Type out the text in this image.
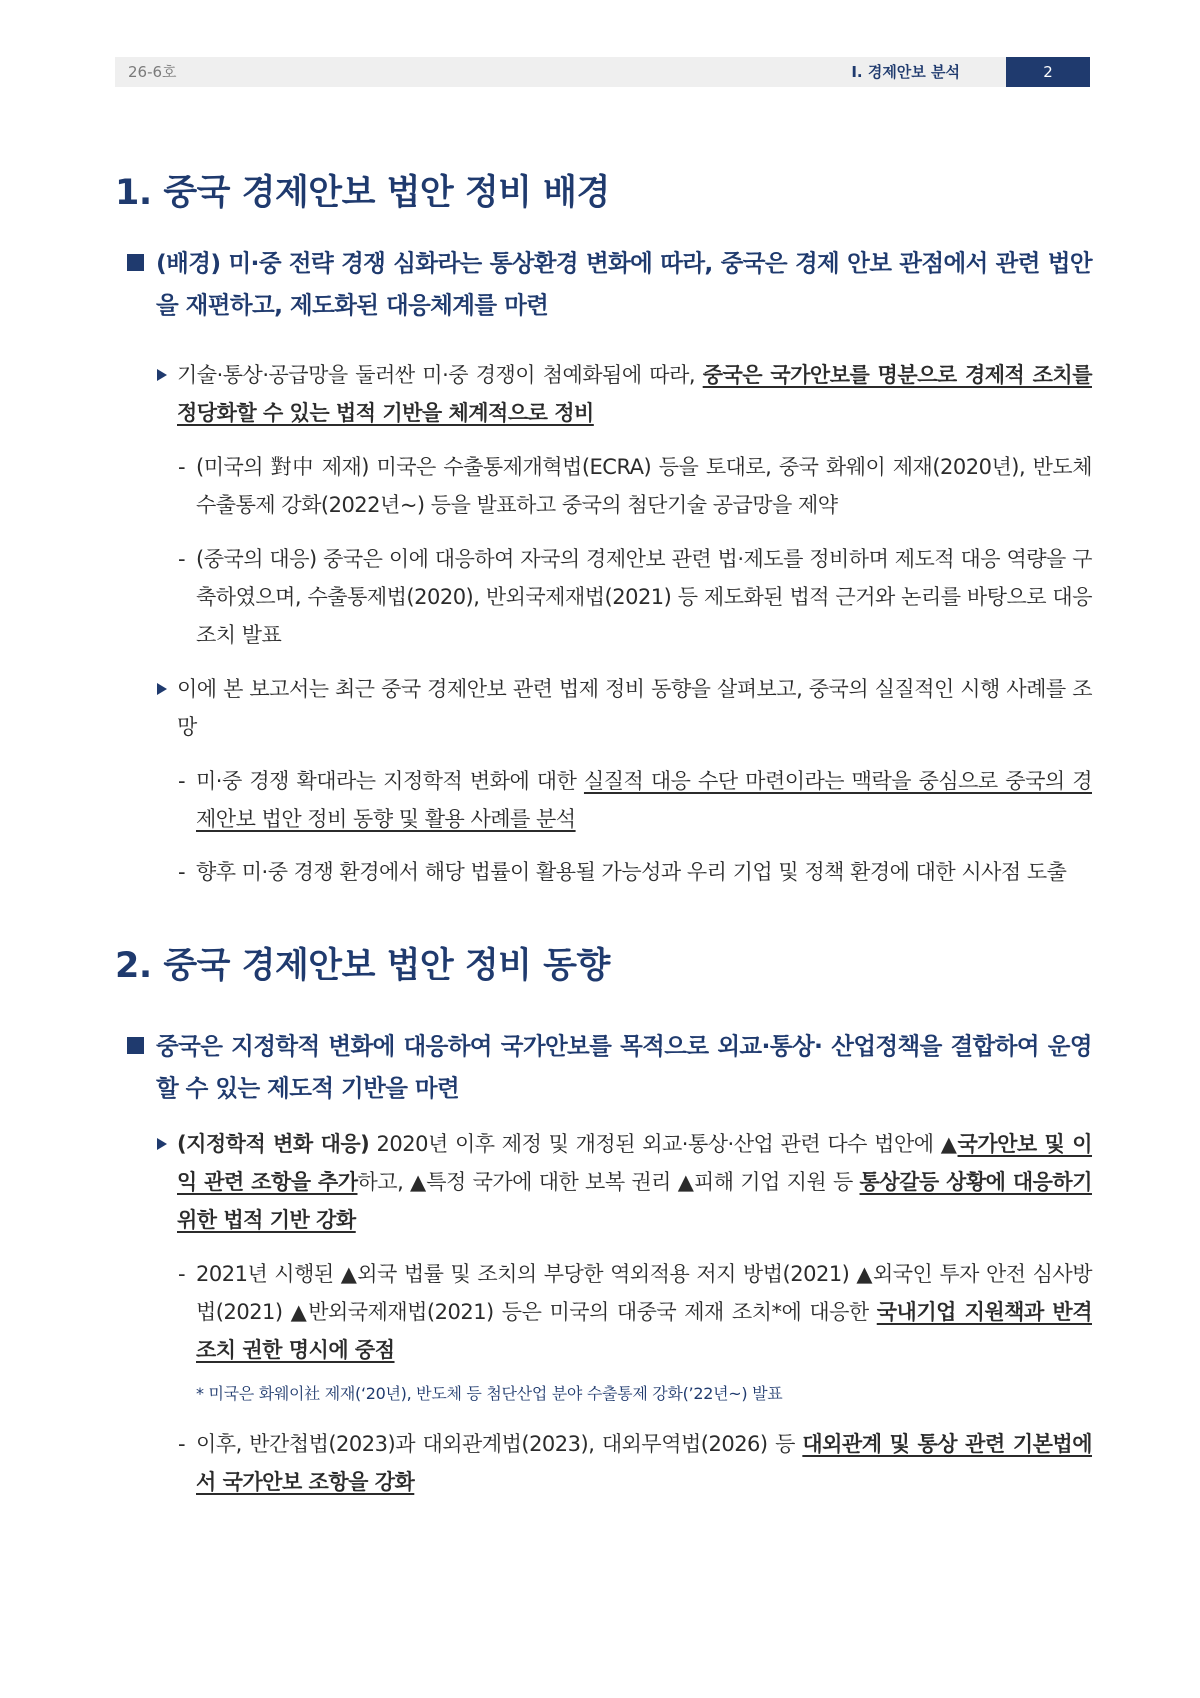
26-6호	Ⅰ. 경제안보 분석	2
1. 중국 경제안보 법안 정비 배경
(배경) 미·중 전략 경쟁 심화라는 통상환경 변화에 따라, 중국은 경제 안보 관점에서 관련 법안을 재편하고, 제도화된 대응체계를 마련
기술·통상·공급망을 둘러싼 미·중 경쟁이 첨예화됨에 따라, 중국은 국가안보를 명분으로 경제적 조치를 정당화할 수 있는 법적 기반을 체계적으로 정비
- (미국의 對中 제재) 미국은 수출통제개혁법(ECRA) 등을 토대로, 중국 화웨이 제재(2020년), 반도체 수출통제 강화(2022년~) 등을 발표하고 중국의 첨단기술 공급망을 제약
- (중국의 대응) 중국은 이에 대응하여 자국의 경제안보 관련 법·제도를 정비하며 제도적 대응 역량을 구축하였으며, 수출통제법(2020), 반외국제재법(2021) 등 제도화된 법적 근거와 논리를 바탕으로 대응 조치 발표
이에 본 보고서는 최근 중국 경제안보 관련 법제 정비 동향을 살펴보고, 중국의 실질적인 시행 사례를 조망
- 미·중 경쟁 확대라는 지정학적 변화에 대한 실질적 대응 수단 마련이라는 맥락을 중심으로 중국의 경제안보 법안 정비 동향 및 활용 사례를 분석
- 향후 미·중 경쟁 환경에서 해당 법률이 활용될 가능성과 우리 기업 및 정책 환경에 대한 시사점 도출
2. 중국 경제안보 법안 정비 동향
중국은 지정학적 변화에 대응하여 국가안보를 목적으로 외교·통상· 산업정책을 결합하여 운영할 수 있는 제도적 기반을 마련
(지정학적 변화 대응) 2020년 이후 제정 및 개정된 외교·통상·산업 관련 다수 법안에 ▲국가안보 및 이익 관련 조항을 추가하고, ▲특정 국가에 대한 보복 권리 ▲피해 기업 지원 등 통상갈등 상황에 대응하기 위한 법적 기반 강화
- 2021년 시행된 ▲외국 법률 및 조치의 부당한 역외적용 저지 방법(2021) ▲외국인 투자 안전 심사방법(2021) ▲반외국제재법(2021) 등은 미국의 대중국 제재 조치*에 대응한 국내기업 지원책과 반격 조치 권한 명시에 중점
* 미국은 화웨이社 제재(‘20년), 반도체 등 첨단산업 분야 수출통제 강화(’22년~) 발표
- 이후, 반간첩법(2023)과 대외관계법(2023), 대외무역법(2026) 등 대외관계 및 통상 관련 기본법에서 국가안보 조항을 강화
